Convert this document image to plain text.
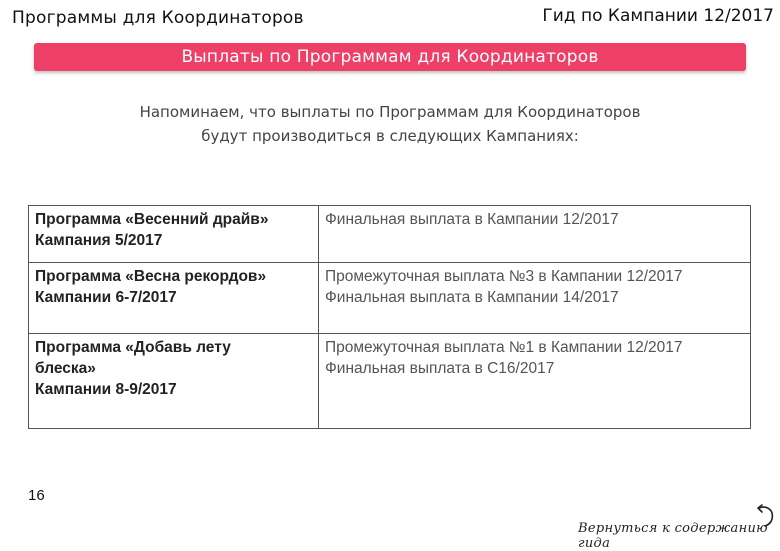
Программы для Координаторов	Гид по Кампании 12/2017
Выплаты по Программам для Координаторов
Напоминаем, что выплаты по Программам для Координаторов
будут производиться в следующих Кампаниях:
Программа «Весенний драйв»
Кампания 5/2017	Финальная выплата в Кампании 12/2017

Программа «Весна рекордов»
Кампании 6-7/2017	Промежуточная выплата №3 в Кампании 12/2017
Финальная выплата в Кампании 14/2017

Программа «Добавь лету
блеска»
Кампании 8-9/2017	Промежуточная выплата №1 в Кампании 12/2017
Финальная выплата в С16/2017
16
Вернуться к содержанию гида
